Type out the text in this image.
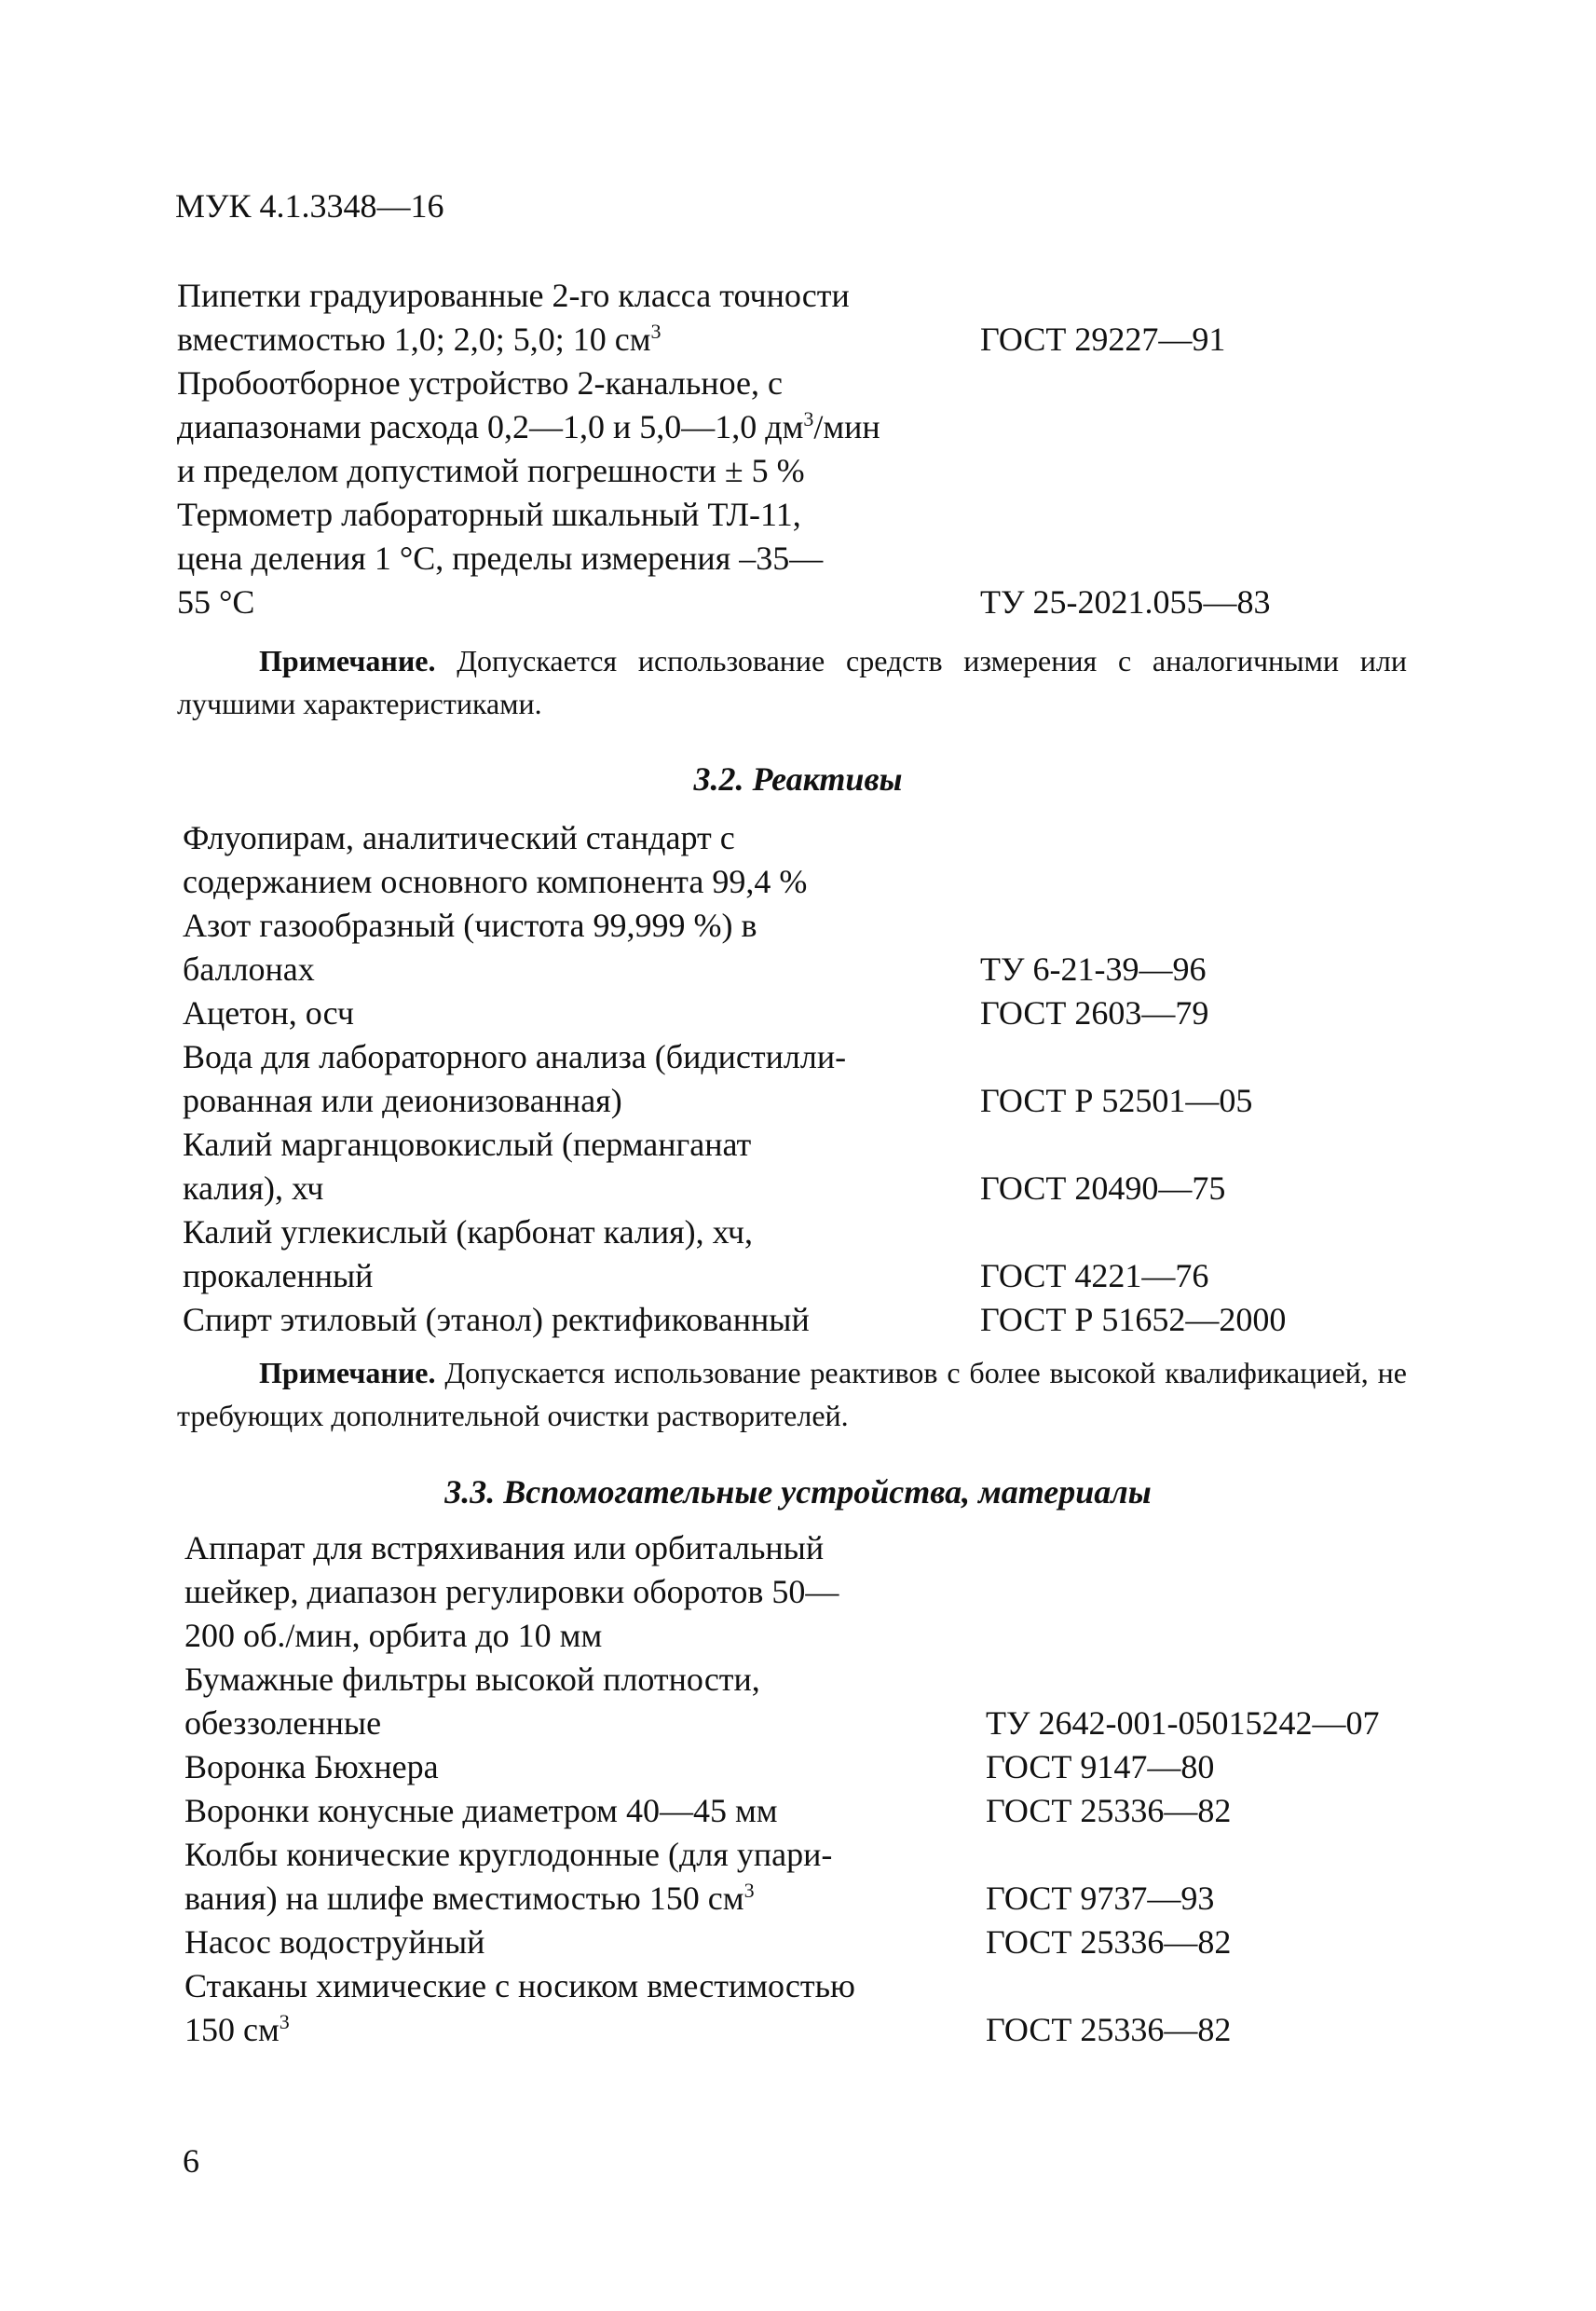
МУК 4.1.3348—16
Пипетки градуированные 2-го класса точности
вместимостью 1,0; 2,0; 5,0; 10 $см^3$	ГОСТ 29227—91
Пробоотборное устройство 2-канальное, с
диапазонами расхода 0,2—1,0 и 5,0—1,0 $дм^3$/мин
и пределом допустимой погрешности ± 5 %
Термометр лабораторный шкальный ТЛ-11,
цена деления 1 °С, пределы измерения –35—
55 °С	ТУ 25-2021.055—83
Примечание. Допускается использование средств измерения с аналогичными или лучшими характеристиками.
3.2. Реактивы
Флуопирам, аналитический стандарт с
содержанием основного компонента 99,4 %
Азот газообразный (чистота 99,999 %) в
баллонах	ТУ 6-21-39—96
Ацетон, осч	ГОСТ 2603—79
Вода для лабораторного анализа (бидистилли-
рованная или деионизованная)	ГОСТ Р 52501—05
Калий марганцовокислый (перманганат
калия), хч	ГОСТ 20490—75
Калий углекислый (карбонат калия), хч,
прокаленный	ГОСТ 4221—76
Спирт этиловый (этанол) ректификованный	ГОСТ Р 51652—2000
Примечание. Допускается использование реактивов с более высокой квалификацией, не требующих дополнительной очистки растворителей.
3.3. Вспомогательные устройства, материалы
Аппарат для встряхивания или орбитальный
шейкер, диапазон регулировки оборотов 50—
200 об./мин, орбита до 10 мм
Бумажные фильтры высокой плотности,
обеззоленные	ТУ 2642-001-05015242—07
Воронка Бюхнера	ГОСТ 9147—80
Воронки конусные диаметром 40—45 мм	ГОСТ 25336—82
Колбы конические круглодонные (для упари-
вания) на шлифе вместимостью 150 $см^3$	ГОСТ 9737—93
Насос водоструйный	ГОСТ 25336—82
Стаканы химические с носиком вместимостью
150 $см^3$	ГОСТ 25336—82
6
